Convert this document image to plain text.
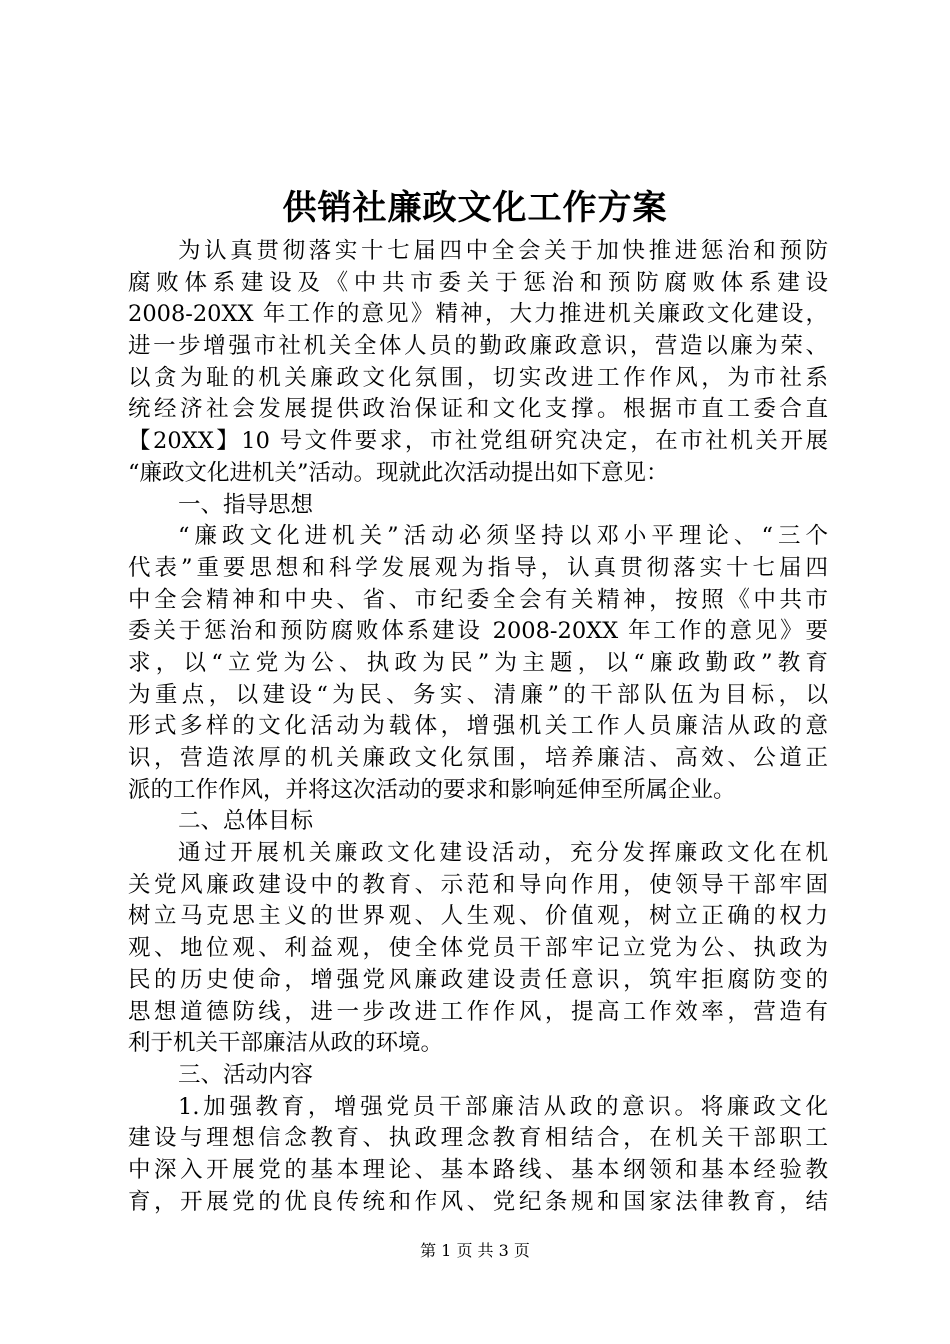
供销社廉政文化工作方案
为认真贯彻落实十七届四中全会关于加快推进惩治和预防
腐败体系建设及《中共市委关于惩治和预防腐败体系建设
2008-20XX 年工作的意见》精神，大力推进机关廉政文化建设，
进一步增强市社机关全体人员的勤政廉政意识，营造以廉为荣、
以贪为耻的机关廉政文化氛围，切实改进工作作风，为市社系
统经济社会发展提供政治保证和文化支撑。根据市直工委合直
【20XX】10 号文件要求，市社党组研究决定，在市社机关开展
“廉政文化进机关”活动。现就此次活动提出如下意见：
一、指导思想
“廉政文化进机关”活动必须坚持以邓小平理论、“三个
代表”重要思想和科学发展观为指导，认真贯彻落实十七届四
中全会精神和中央、省、市纪委全会有关精神，按照《中共市
委关于惩治和预防腐败体系建设 2008-20XX 年工作的意见》要
求，以“立党为公、执政为民”为主题，以“廉政勤政”教育
为重点，以建设“为民、务实、清廉”的干部队伍为目标，以
形式多样的文化活动为载体，增强机关工作人员廉洁从政的意
识，营造浓厚的机关廉政文化氛围，培养廉洁、高效、公道正
派的工作作风，并将这次活动的要求和影响延伸至所属企业。
二、总体目标
通过开展机关廉政文化建设活动，充分发挥廉政文化在机
关党风廉政建设中的教育、示范和导向作用，使领导干部牢固
树立马克思主义的世界观、人生观、价值观，树立正确的权力
观、地位观、利益观，使全体党员干部牢记立党为公、执政为
民的历史使命，增强党风廉政建设责任意识，筑牢拒腐防变的
思想道德防线，进一步改进工作作风，提高工作效率，营造有
利于机关干部廉洁从政的环境。
三、活动内容
1.加强教育，增强党员干部廉洁从政的意识。将廉政文化
建设与理想信念教育、执政理念教育相结合，在机关干部职工
中深入开展党的基本理论、基本路线、基本纲领和基本经验教
育，开展党的优良传统和作风、党纪条规和国家法律教育，结
第 1 页 共 3 页
